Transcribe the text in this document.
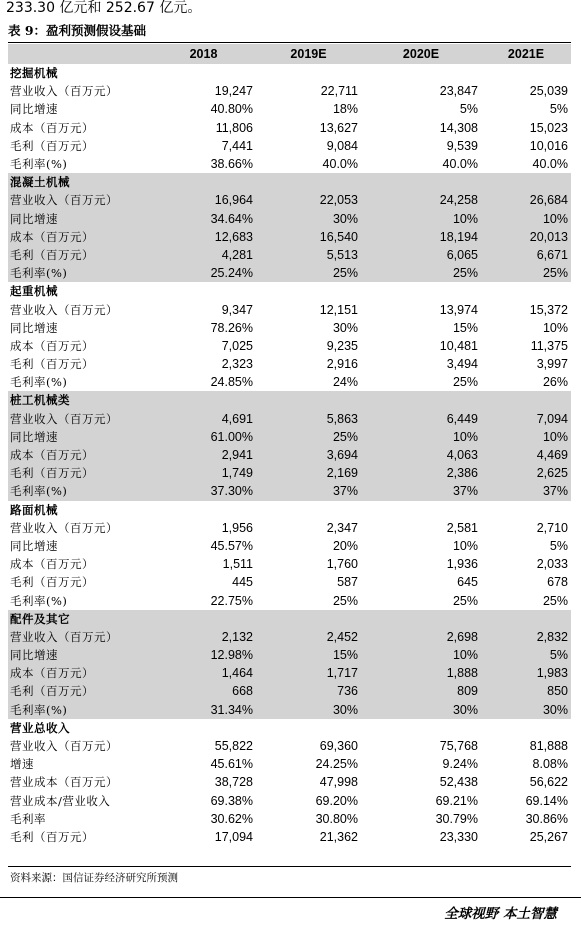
233.30 亿元和 252.67 亿元。
表 9：盈利预测假设基础
	2018	2019E	2020E	2021E
挖掘机械				
营业收入（百万元）	19,247	22,711	23,847	25,039
同比增速	40.80%	18%	5%	5%
成本（百万元）	11,806	13,627	14,308	15,023
毛利（百万元）	7,441	9,084	9,539	10,016
毛利率(%)	38.66%	40.0%	40.0%	40.0%
混凝土机械				
营业收入（百万元）	16,964	22,053	24,258	26,684
同比增速	34.64%	30%	10%	10%
成本（百万元）	12,683	16,540	18,194	20,013
毛利（百万元）	4,281	5,513	6,065	6,671
毛利率(%)	25.24%	25%	25%	25%
起重机械				
营业收入（百万元）	9,347	12,151	13,974	15,372
同比增速	78.26%	30%	15%	10%
成本（百万元）	7,025	9,235	10,481	11,375
毛利（百万元）	2,323	2,916	3,494	3,997
毛利率(%)	24.85%	24%	25%	26%
桩工机械类				
营业收入（百万元）	4,691	5,863	6,449	7,094
同比增速	61.00%	25%	10%	10%
成本（百万元）	2,941	3,694	4,063	4,469
毛利（百万元）	1,749	2,169	2,386	2,625
毛利率(%)	37.30%	37%	37%	37%
路面机械				
营业收入（百万元）	1,956	2,347	2,581	2,710
同比增速	45.57%	20%	10%	5%
成本（百万元）	1,511	1,760	1,936	2,033
毛利（百万元）	445	587	645	678
毛利率(%)	22.75%	25%	25%	25%
配件及其它				
营业收入（百万元）	2,132	2,452	2,698	2,832
同比增速	12.98%	15%	10%	5%
成本（百万元）	1,464	1,717	1,888	1,983
毛利（百万元）	668	736	809	850
毛利率(%)	31.34%	30%	30%	30%
营业总收入				
营业收入（百万元）	55,822	69,360	75,768	81,888
增速	45.61%	24.25%	9.24%	8.08%
营业成本（百万元）	38,728	47,998	52,438	56,622
营业成本/营业收入	69.38%	69.20%	69.21%	69.14%
毛利率	30.62%	30.80%	30.79%	30.86%
毛利（百万元）	17,094	21,362	23,330	25,267
资料来源：国信证券经济研究所预测
全球视野 本土智慧
